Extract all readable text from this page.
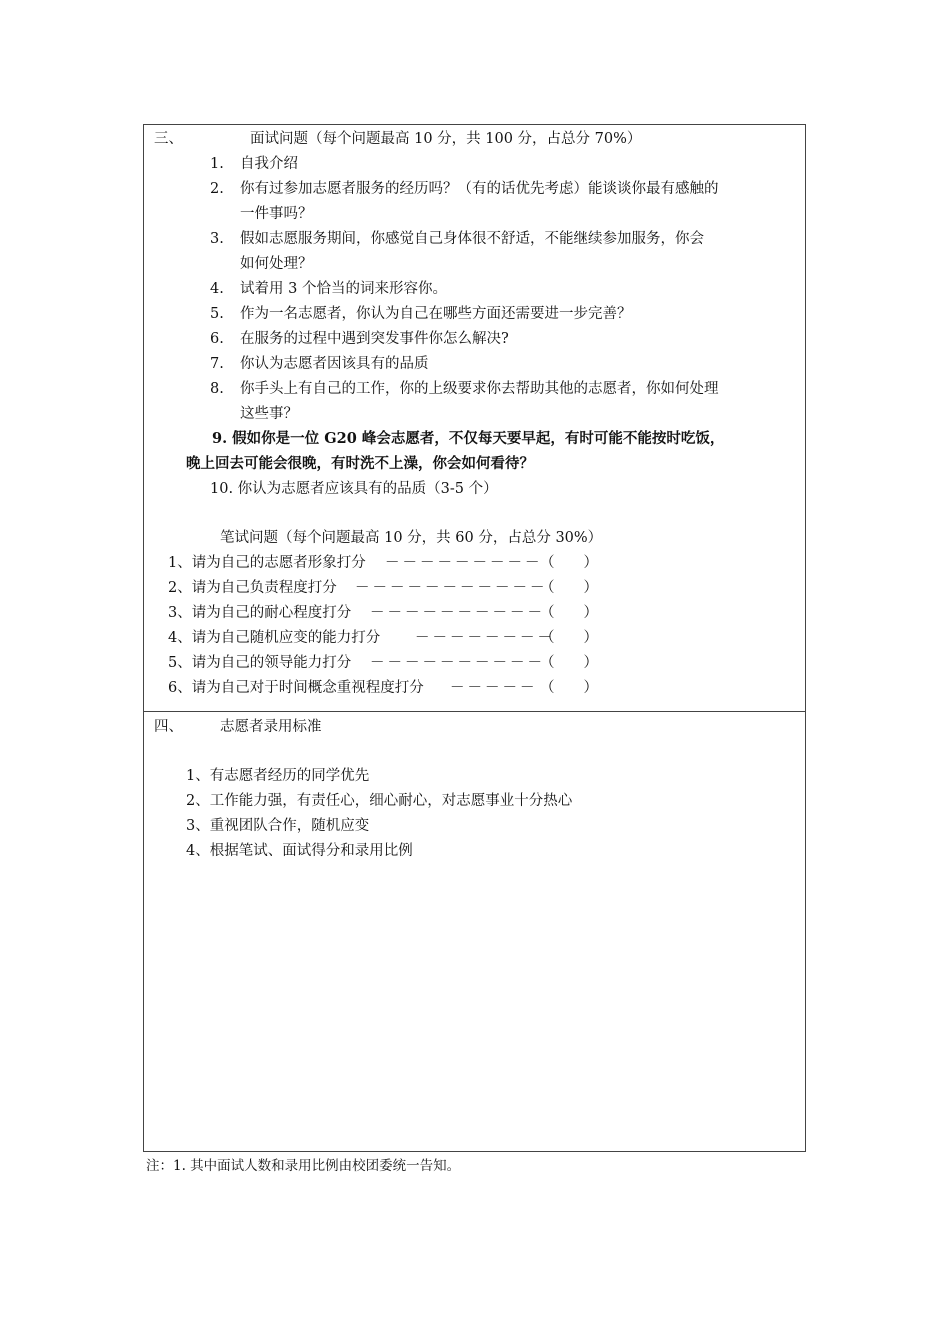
三、	面试问题（每个问题最高 10 分，共 100 分，占总分 70%）
1. 自我介绍
2. 你有过参加志愿者服务的经历吗？（有的话优先考虑）能谈谈你最有感触的
一件事吗？
3. 假如志愿服务期间，你感觉自己身体很不舒适，不能继续参加服务，你会
如何处理？
4. 试着用 3 个恰当的词来形容你。
5. 作为一名志愿者，你认为自己在哪些方面还需要进一步完善？
6. 在服务的过程中遇到突发事件你怎么解决?
7. 你认为志愿者因该具有的品质
8. 你手头上有自己的工作，你的上级要求你去帮助其他的志愿者，你如何处理
这些事？
9. 假如你是一位 G20 峰会志愿者，不仅每天要早起，有时可能不能按时吃饭，
晚上回去可能会很晚，有时洗不上澡，你会如何看待？
10. 你认为志愿者应该具有的品质（3-5 个）
笔试问题（每个问题最高 10 分，共 60 分，占总分 30%）
1、请为自己的志愿者形象打分 －－－－－－－－－
（　　）
2、请为自己负责程度打分 －－－－－－－－－－－
（　　）
3、请为自己的耐心程度打分 －－－－－－－－－－
（　　）
4、请为自己随机应变的能力打分 －－－－－－－－
（　　）
5、请为自己的领导能力打分 －－－－－－－－－－
（　　）
6、请为自己对于时间概念重视程度打分 －－－－－ （　　）
四、	志愿者录用标准
1、有志愿者经历的同学优先
2、工作能力强，有责任心，细心耐心，对志愿事业十分热心
3、重视团队合作，随机应变
4、根据笔试、面试得分和录用比例
注：1. 其中面试人数和录用比例由校团委统一告知。
